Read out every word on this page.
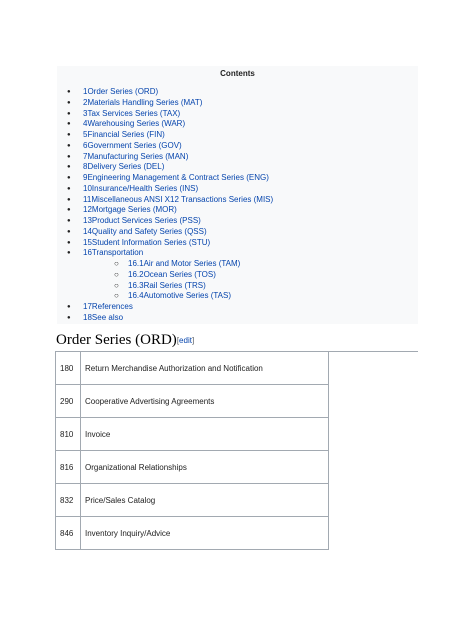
Contents
● 1Order Series (ORD)
● 2Materials Handling Series (MAT)
● 3Tax Services Series (TAX)
● 4Warehousing Series (WAR)
● 5Financial Series (FIN)
● 6Government Series (GOV)
● 7Manufacturing Series (MAN)
● 8Delivery Series (DEL)
● 9Engineering Management & Contract Series (ENG)
● 10Insurance/Health Series (INS)
● 11Miscellaneous ANSI X12 Transactions Series (MIS)
● 12Mortgage Series (MOR)
● 13Product Services Series (PSS)
● 14Quality and Safety Series (QSS)
● 15Student Information Series (STU)
● 16Transportation
○ 16.1Air and Motor Series (TAM)
○ 16.2Ocean Series (TOS)
○ 16.3Rail Series (TRS)
○ 16.4Automotive Series (TAS)
● 17References
● 18See also
Order Series (ORD)[edit]
180	Return Merchandise Authorization and Notification
290	Cooperative Advertising Agreements
810	Invoice
816	Organizational Relationships
832	Price/Sales Catalog
846	Inventory Inquiry/Advice
